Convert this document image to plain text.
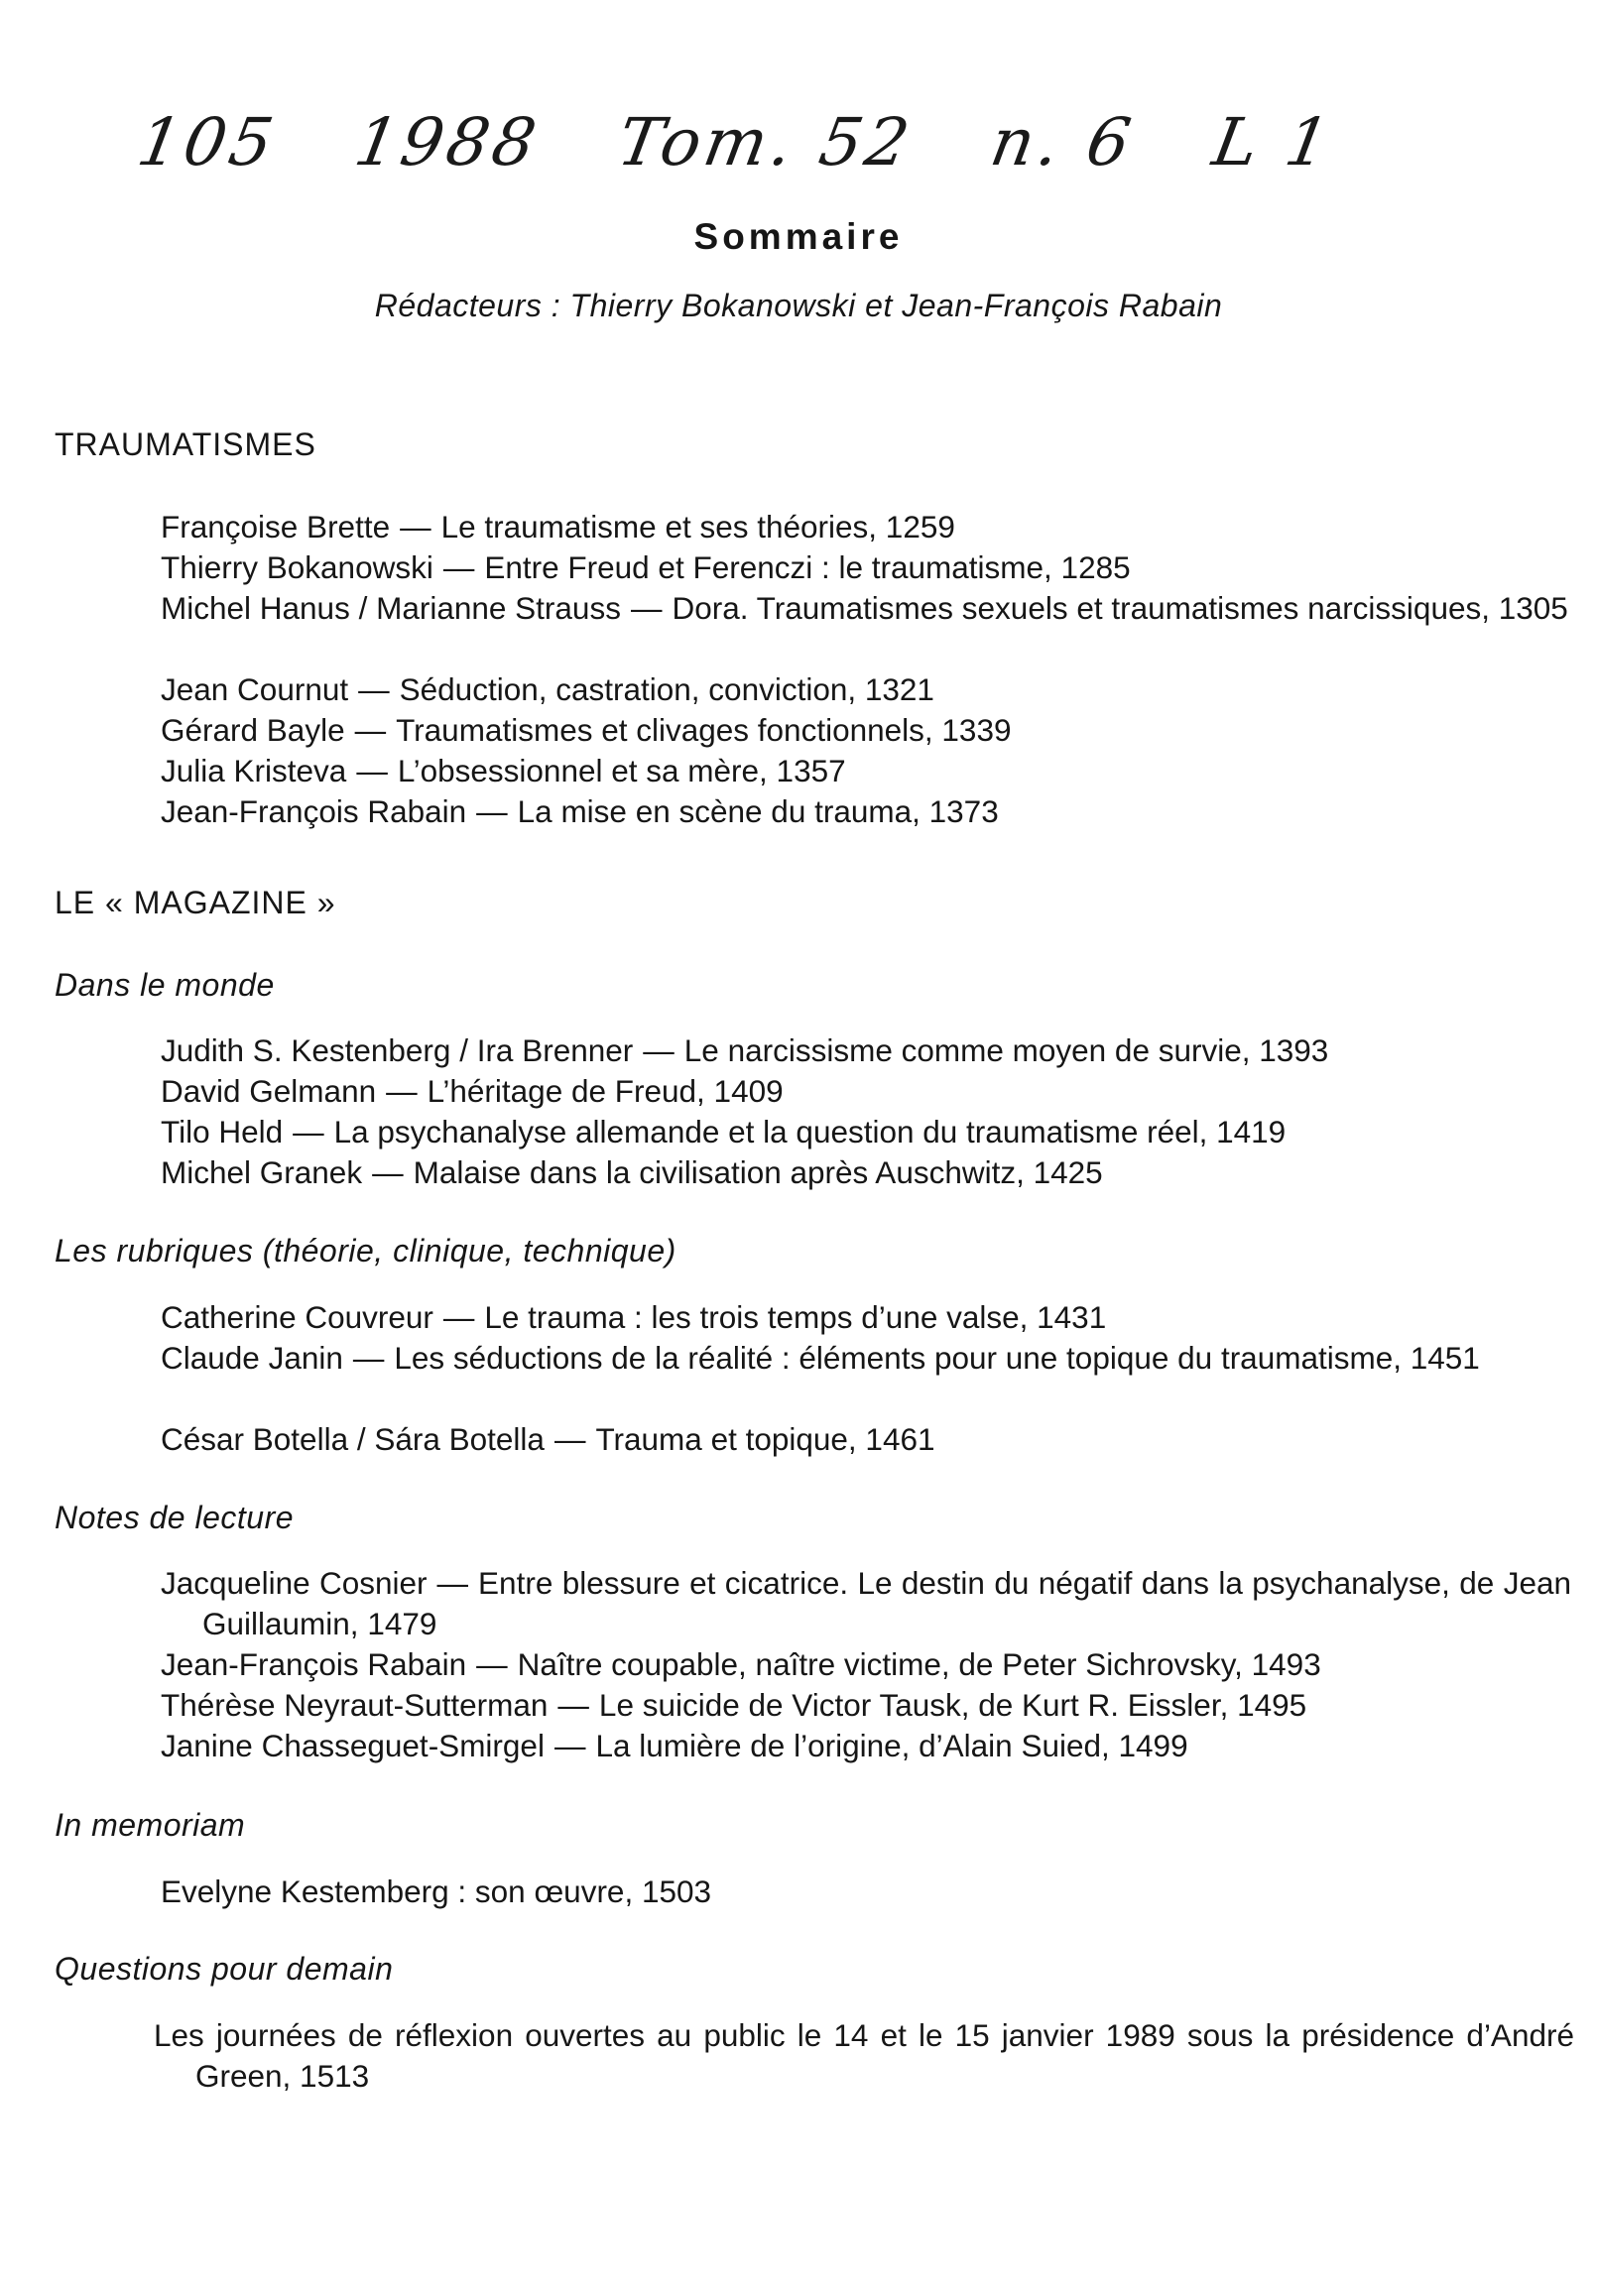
105 1988 Tom. 52 n. 6 L 1
Sommaire
Rédacteurs : Thierry Bokanowski et Jean-François Rabain
TRAUMATISMES
Françoise Brette — Le traumatisme et ses théories, 1259
Thierry Bokanowski — Entre Freud et Ferenczi : le traumatisme, 1285
Michel Hanus / Marianne Strauss — Dora. Traumatismes sexuels et traumatismes narcissiques, 1305
Jean Cournut — Séduction, castration, conviction, 1321
Gérard Bayle — Traumatismes et clivages fonctionnels, 1339
Julia Kristeva — L’obsessionnel et sa mère, 1357
Jean-François Rabain — La mise en scène du trauma, 1373
LE « MAGAZINE »
Dans le monde
Judith S. Kestenberg / Ira Brenner — Le narcissisme comme moyen de survie, 1393
David Gelmann — L’héritage de Freud, 1409
Tilo Held — La psychanalyse allemande et la question du traumatisme réel, 1419
Michel Granek — Malaise dans la civilisation après Auschwitz, 1425
Les rubriques (théorie, clinique, technique)
Catherine Couvreur — Le trauma : les trois temps d’une valse, 1431
Claude Janin — Les séductions de la réalité : éléments pour une topique du traumatisme, 1451
César Botella / Sára Botella — Trauma et topique, 1461
Notes de lecture
Jacqueline Cosnier — Entre blessure et cicatrice. Le destin du négatif dans la psychanalyse, de Jean Guillaumin, 1479
Jean-François Rabain — Naître coupable, naître victime, de Peter Sichrovsky, 1493
Thérèse Neyraut-Sutterman — Le suicide de Victor Tausk, de Kurt R. Eissler, 1495
Janine Chasseguet-Smirgel — La lumière de l’origine, d’Alain Suied, 1499
In memoriam
Evelyne Kestemberg : son œuvre, 1503
Questions pour demain
Les journées de réflexion ouvertes au public le 14 et le 15 janvier 1989 sous la présidence d’André Green, 1513
